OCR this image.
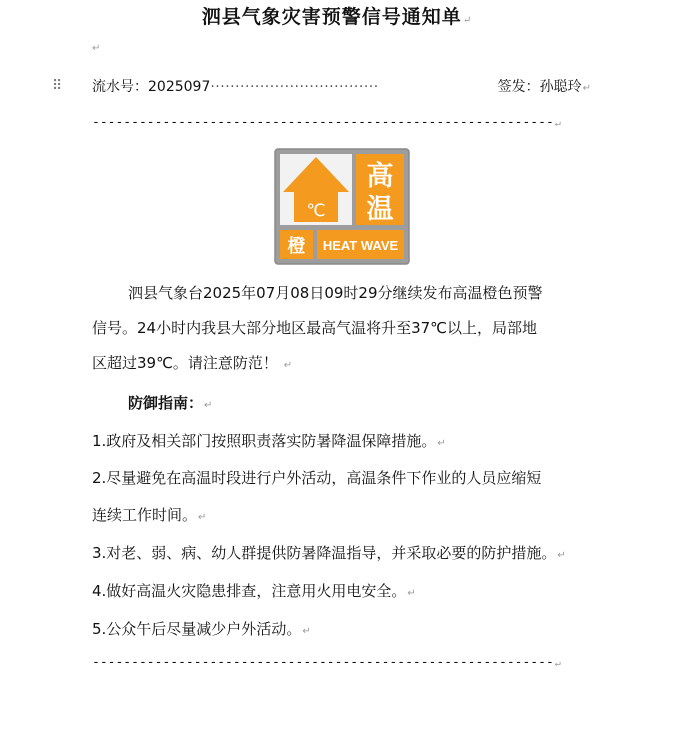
泗县气象灾害预警信号通知单↵
↵
⠿ 流水号：2025097··································	签发：孙聪玲↵
-----------------------------------------------------------↵
℃
高
温
橙 HEAT WAVE
泗县气象台2025年07月08日09时29分继续发布高温橙色预警
信号。24小时内我县大部分地区最高气温将升至37℃以上，局部地
区超过39℃。请注意防范！ ↵
防御指南：↵
1.政府及相关部门按照职责落实防暑降温保障措施。↵
2.尽量避免在高温时段进行户外活动，高温条件下作业的人员应缩短
连续工作时间。↵
3.对老、弱、病、幼人群提供防暑降温指导，并采取必要的防护措施。↵
4.做好高温火灾隐患排查，注意用火用电安全。↵
5.公众午后尽量减少户外活动。↵
-----------------------------------------------------------↵
